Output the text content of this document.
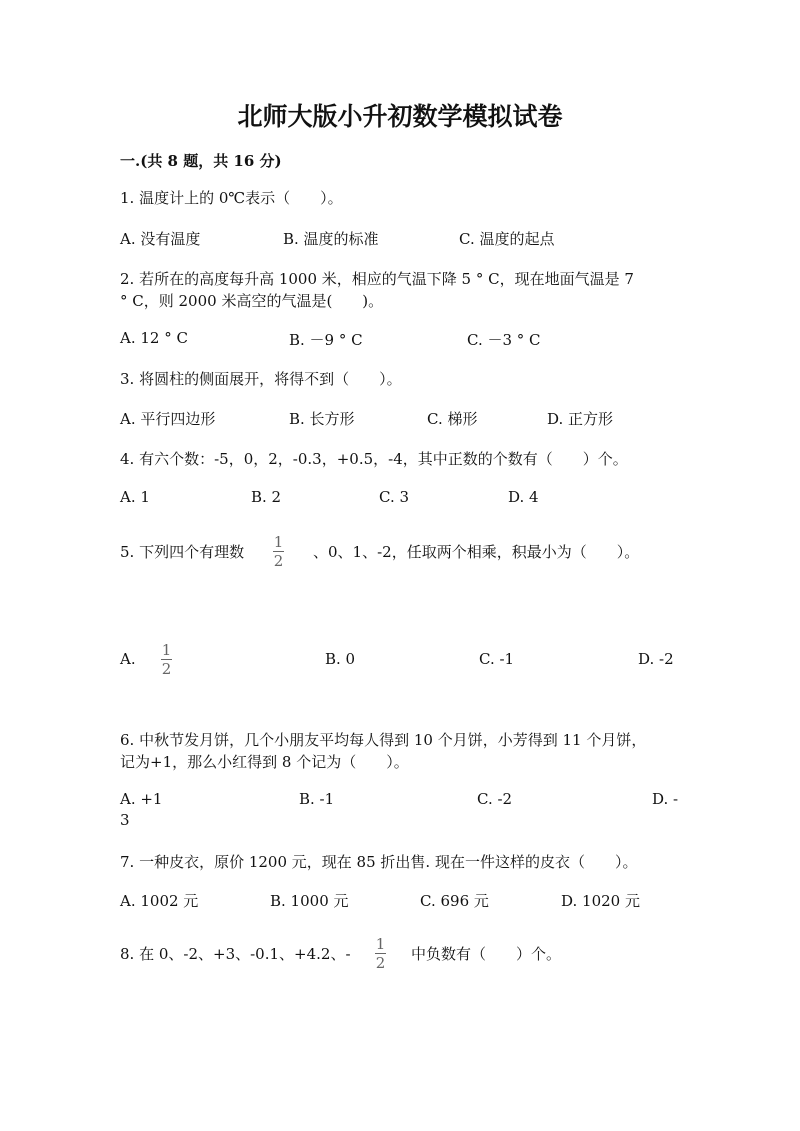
北师大版小升初数学模拟试卷
一.(共 8 题，共 16 分)
1. 温度计上的 0℃表示（　　）。
A. 没有温度	B. 温度的标准	C. 温度的起点
2. 若所在的高度每升高 1000 米，相应的气温下降 5 ° C，现在地面气温是 7
° C，则 2000 米高空的气温是(　　)。
A. 12 ° C	B. －9 ° C	C. －3 ° C
3. 将圆柱的侧面展开，将得不到（　　）。
A. 平行四边形	B. 长方形	C. 梯形	D. 正方形
4. 有六个数：-5，0，2，-0.3，+0.5，-4，其中正数的个数有（　　）个。
A. 1	B. 2	C. 3	D. 4
5. 下列四个有理数
1
2 、0、1、-2，任取两个相乘，积最小为（　　）。
A. 1
2
B. 0	C. -1	D. -2
6. 中秋节发月饼，几个小朋友平均每人得到 10 个月饼，小芳得到 11 个月饼，
记为+1，那么小红得到 8 个记为（　　）。
A. +1	B. -1	C. -2	D. -
3
7. 一种皮衣，原价 1200 元，现在 85 折出售. 现在一件这样的皮衣（　　）。
A. 1002 元	B. 1000 元	C. 696 元	D. 1020 元
8. 在 0、-2、+3、-0.1、+4.2、-
1
2 中负数有（　　）个。
